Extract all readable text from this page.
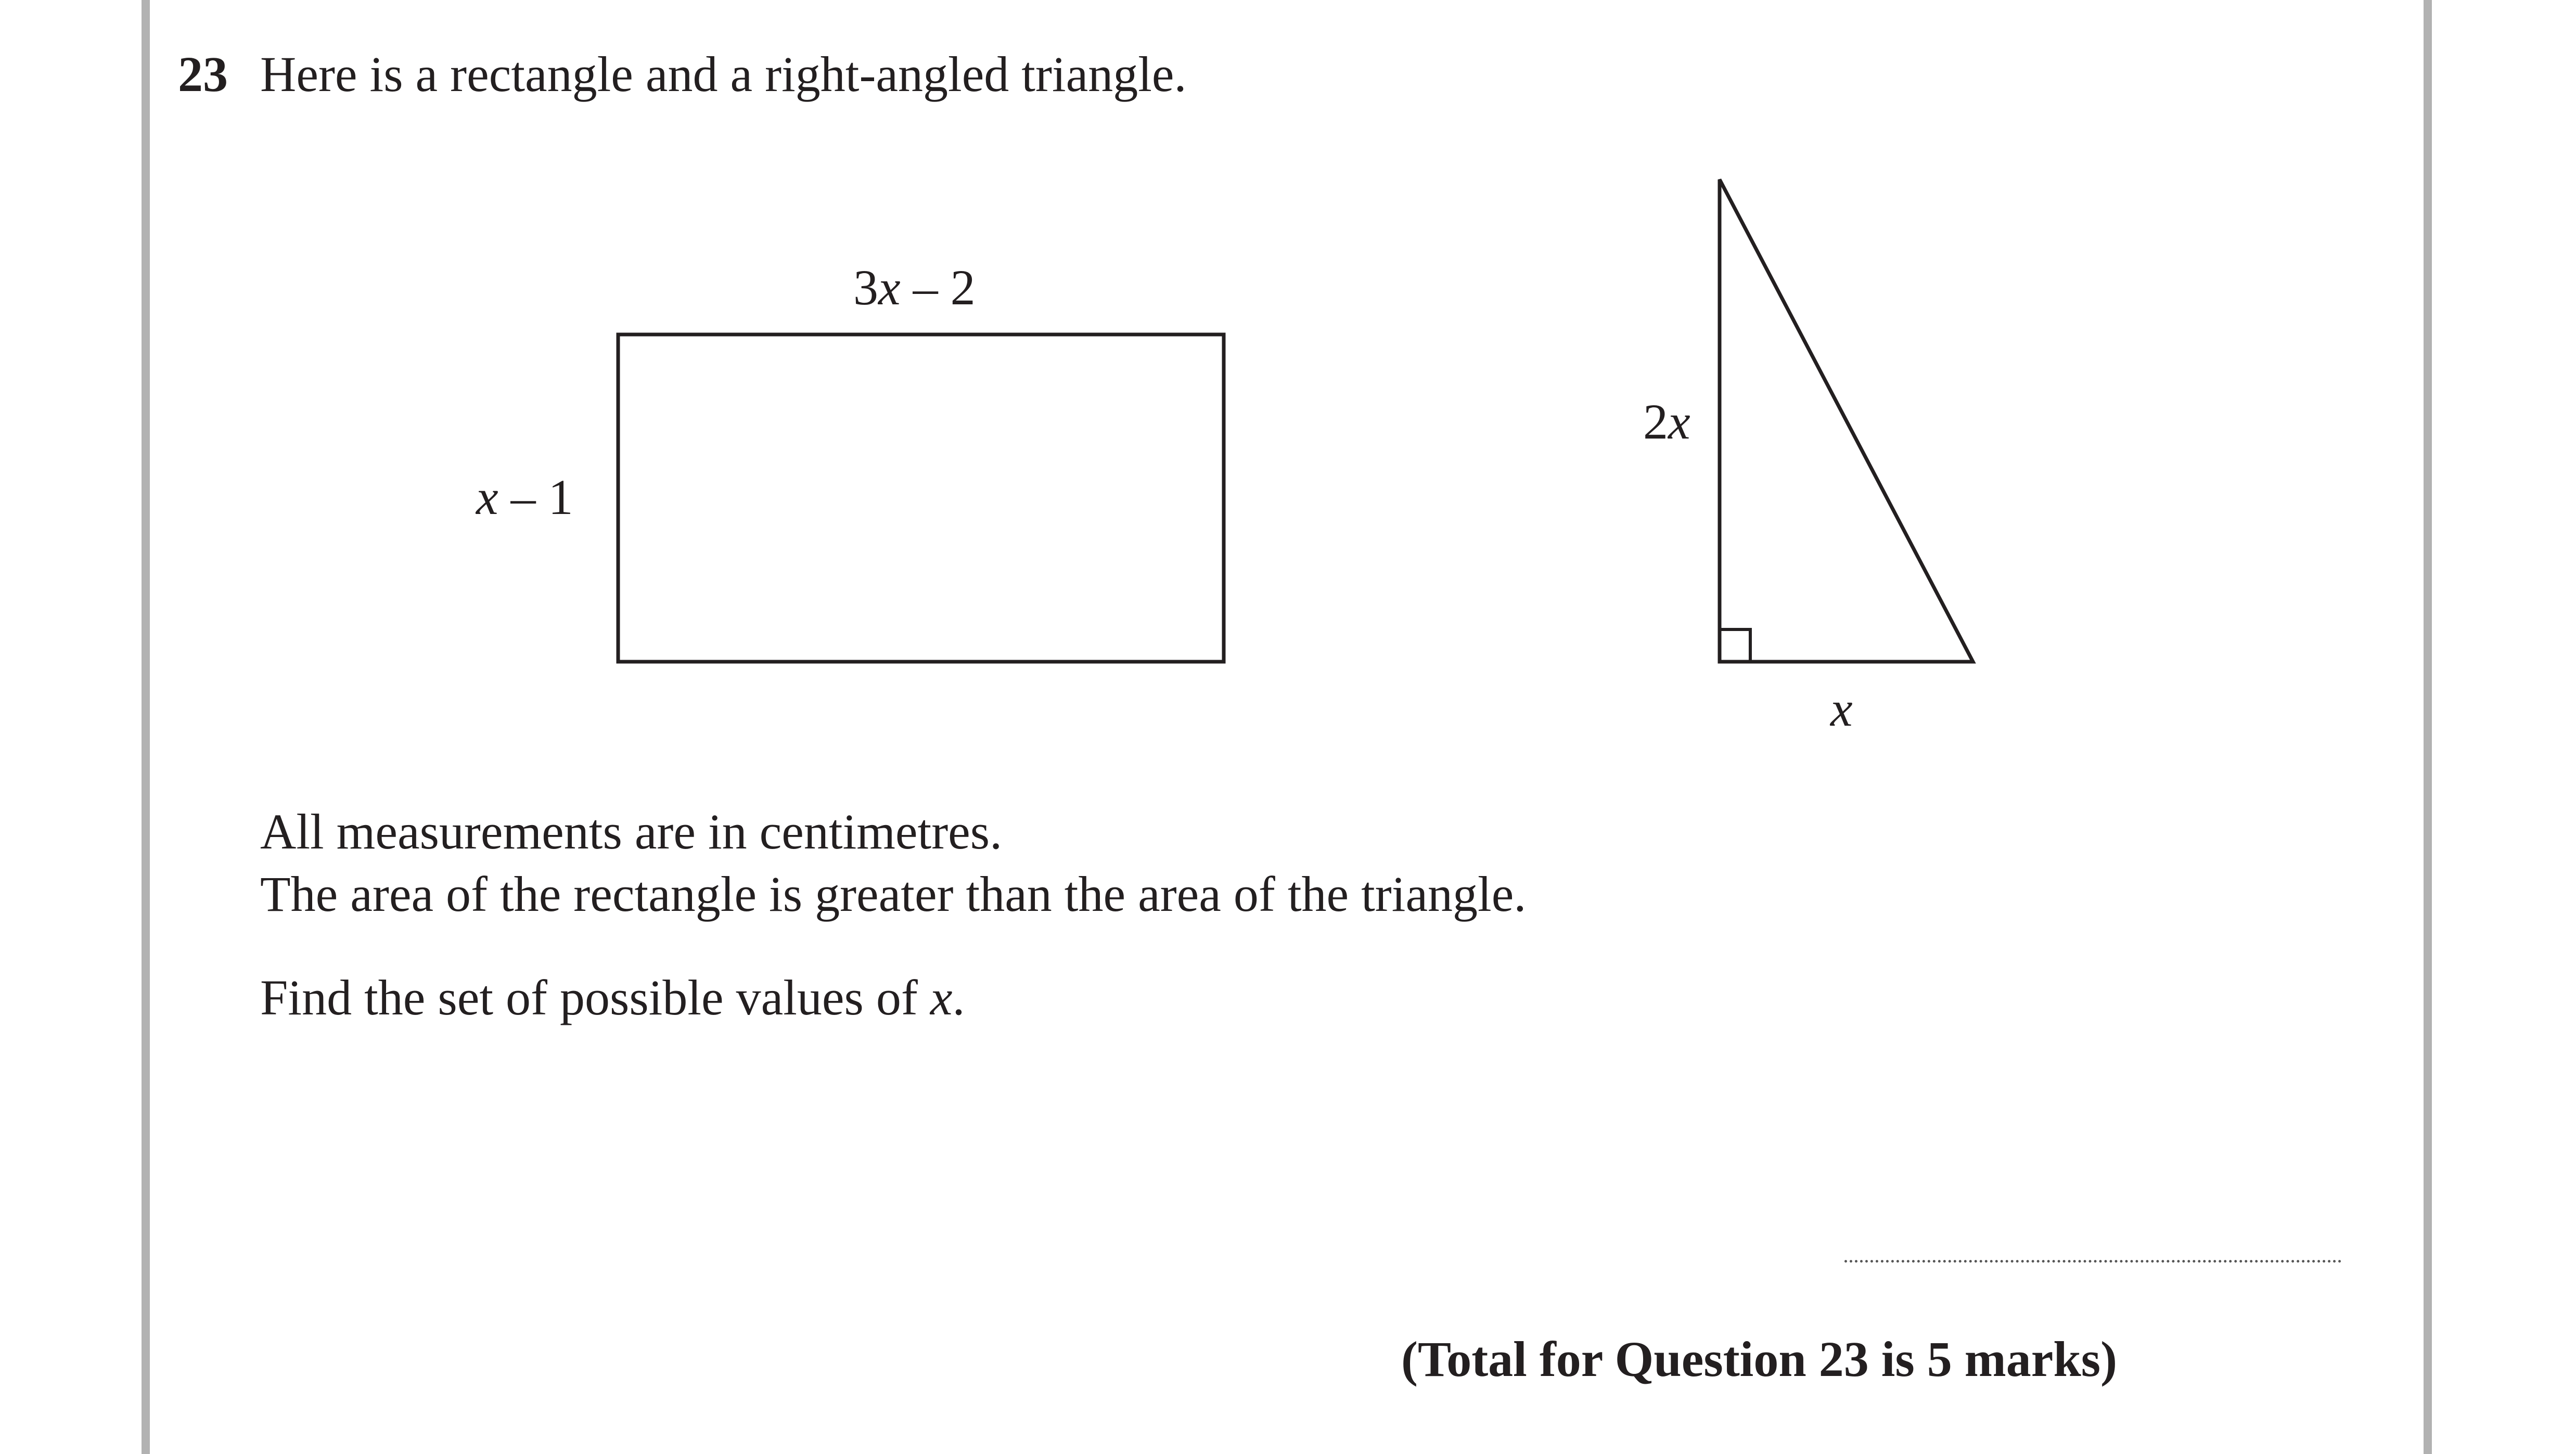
23 Here is a rectangle and a right-angled triangle.
3x – 2
x – 1
2x
x
All measurements are in centimetres.
The area of the rectangle is greater than the area of the triangle.
Find the set of possible values of x.
(Total for Question 23 is 5 marks)
